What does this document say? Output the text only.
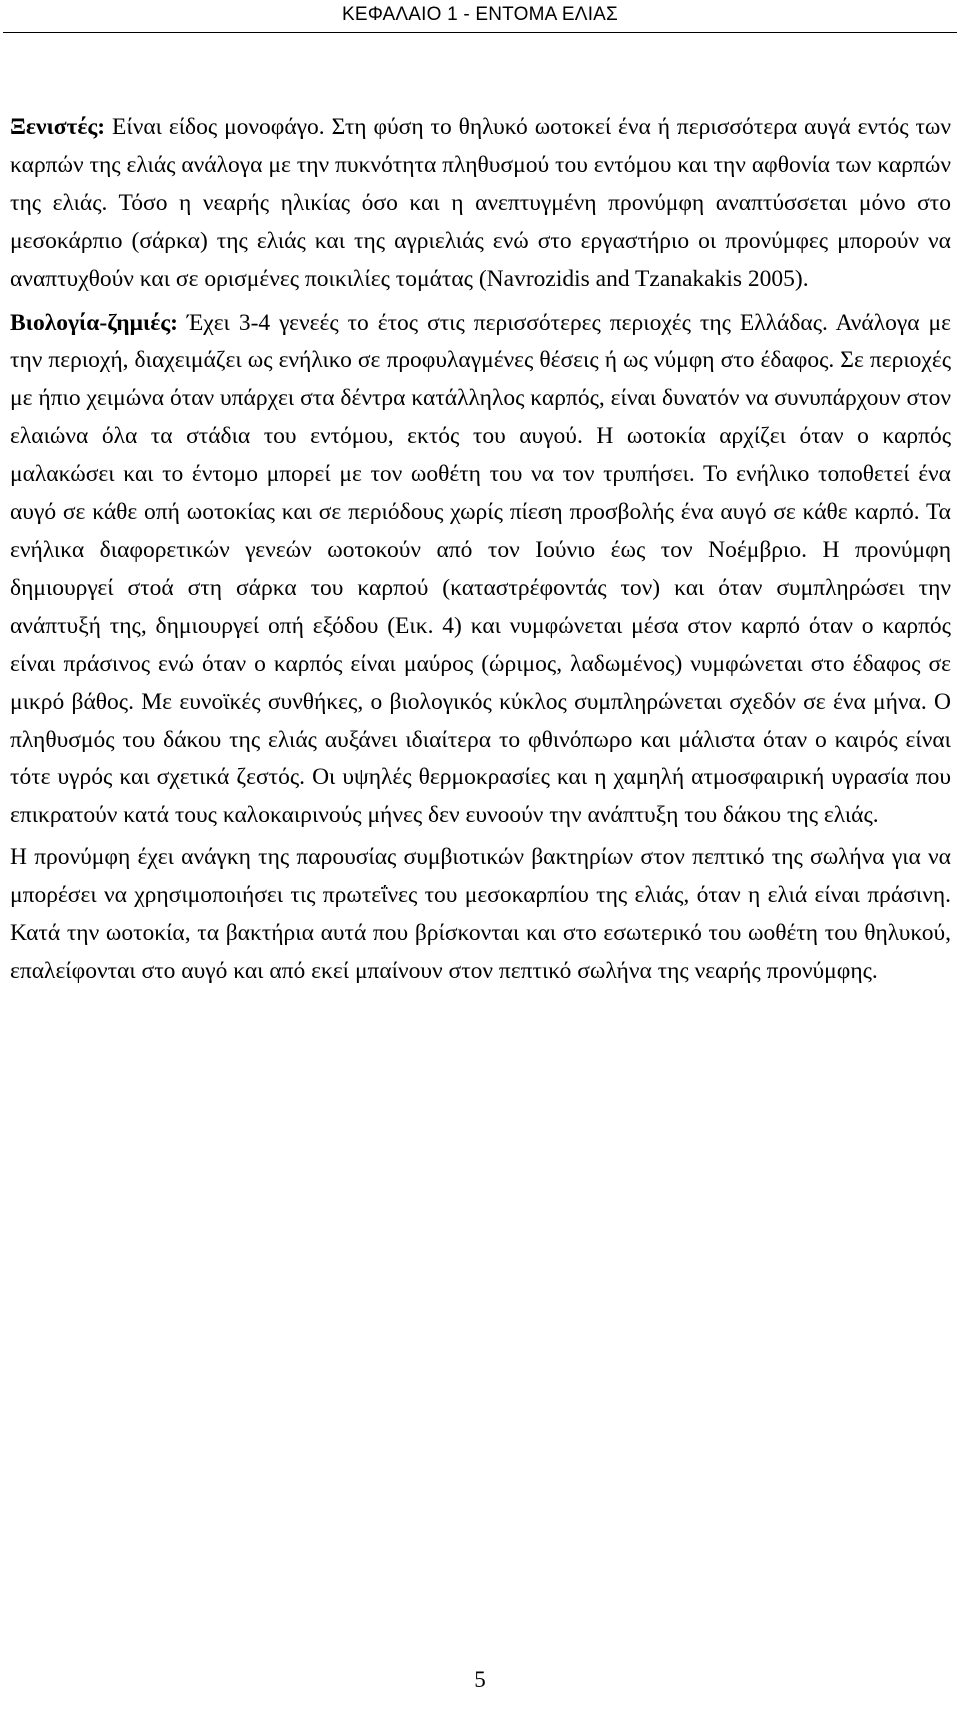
ΚΕΦΑΛΑΙΟ 1 - ΕΝΤΟΜΑ ΕΛΙΑΣ

Ξενιστές: Είναι είδος μονοφάγο. Στη φύση το θηλυκό ωοτοκεί ένα ή περισσότερα αυγά εντός των καρπών της ελιάς ανάλογα με την πυκνότητα πληθυσμού του εντόμου και την αφθονία των καρπών της ελιάς. Τόσο η νεαρής ηλικίας όσο και η ανεπτυγμένη προνύμφη αναπτύσσεται μόνο στο μεσοκάρπιο (σάρκα) της ελιάς και της αγριελιάς ενώ στο εργαστήριο οι προνύμφες μπορούν να αναπτυχθούν και σε ορισμένες ποικιλίες τομάτας (Navrozidis and Tzanakakis 2005).

Βιολογία-ζημιές: Έχει 3-4 γενεές το έτος στις περισσότερες περιοχές της Ελλάδας. Ανάλογα με την περιοχή, διαχειμάζει ως ενήλικο σε προφυλαγμένες θέσεις ή ως νύμφη στο έδαφος. Σε περιοχές με ήπιο χειμώνα όταν υπάρχει στα δέντρα κατάλληλος καρπός, είναι δυνατόν να συνυπάρχουν στον ελαιώνα όλα τα στάδια του εντόμου, εκτός του αυγού. Η ωοτοκία αρχίζει όταν ο καρπός μαλακώσει και το έντομο μπορεί με τον ωοθέτη του να τον τρυπήσει. Το ενήλικο τοποθετεί ένα αυγό σε κάθε οπή ωοτοκίας και σε περιόδους χωρίς πίεση προσβολής ένα αυγό σε κάθε καρπό. Τα ενήλικα διαφορετικών γενεών ωοτοκούν από τον Ιούνιο έως τον Νοέμβριο. Η προνύμφη δημιουργεί στοά στη σάρκα του καρπού (καταστρέφοντάς τον) και όταν συμπληρώσει την ανάπτυξή της, δημιουργεί οπή εξόδου (Εικ. 4) και νυμφώνεται μέσα στον καρπό όταν ο καρπός είναι πράσινος ενώ όταν ο καρπός είναι μαύρος (ώριμος, λαδωμένος) νυμφώνεται στο έδαφος σε μικρό βάθος. Με ευνοϊκές συνθήκες, ο βιολογικός κύκλος συμπληρώνεται σχεδόν σε ένα μήνα. Ο πληθυσμός του δάκου της ελιάς αυξάνει ιδιαίτερα το φθινόπωρο και μάλιστα όταν ο καιρός είναι τότε υγρός και σχετικά ζεστός. Οι υψηλές θερμοκρασίες και η χαμηλή ατμοσφαιρική υγρασία που επικρατούν κατά τους καλοκαιρινούς μήνες δεν ευνοούν την ανάπτυξη του δάκου της ελιάς.

Η προνύμφη έχει ανάγκη της παρουσίας συμβιοτικών βακτηρίων στον πεπτικό της σωλήνα για να μπορέσει να χρησιμοποιήσει τις πρωτεΐνες του μεσοκαρπίου της ελιάς, όταν η ελιά είναι πράσινη. Κατά την ωοτοκία, τα βακτήρια αυτά που βρίσκονται και στο εσωτερικό του ωοθέτη του θηλυκού, επαλείφονται στο αυγό και από εκεί μπαίνουν στον πεπτικό σωλήνα της νεαρής προνύμφης.

5
